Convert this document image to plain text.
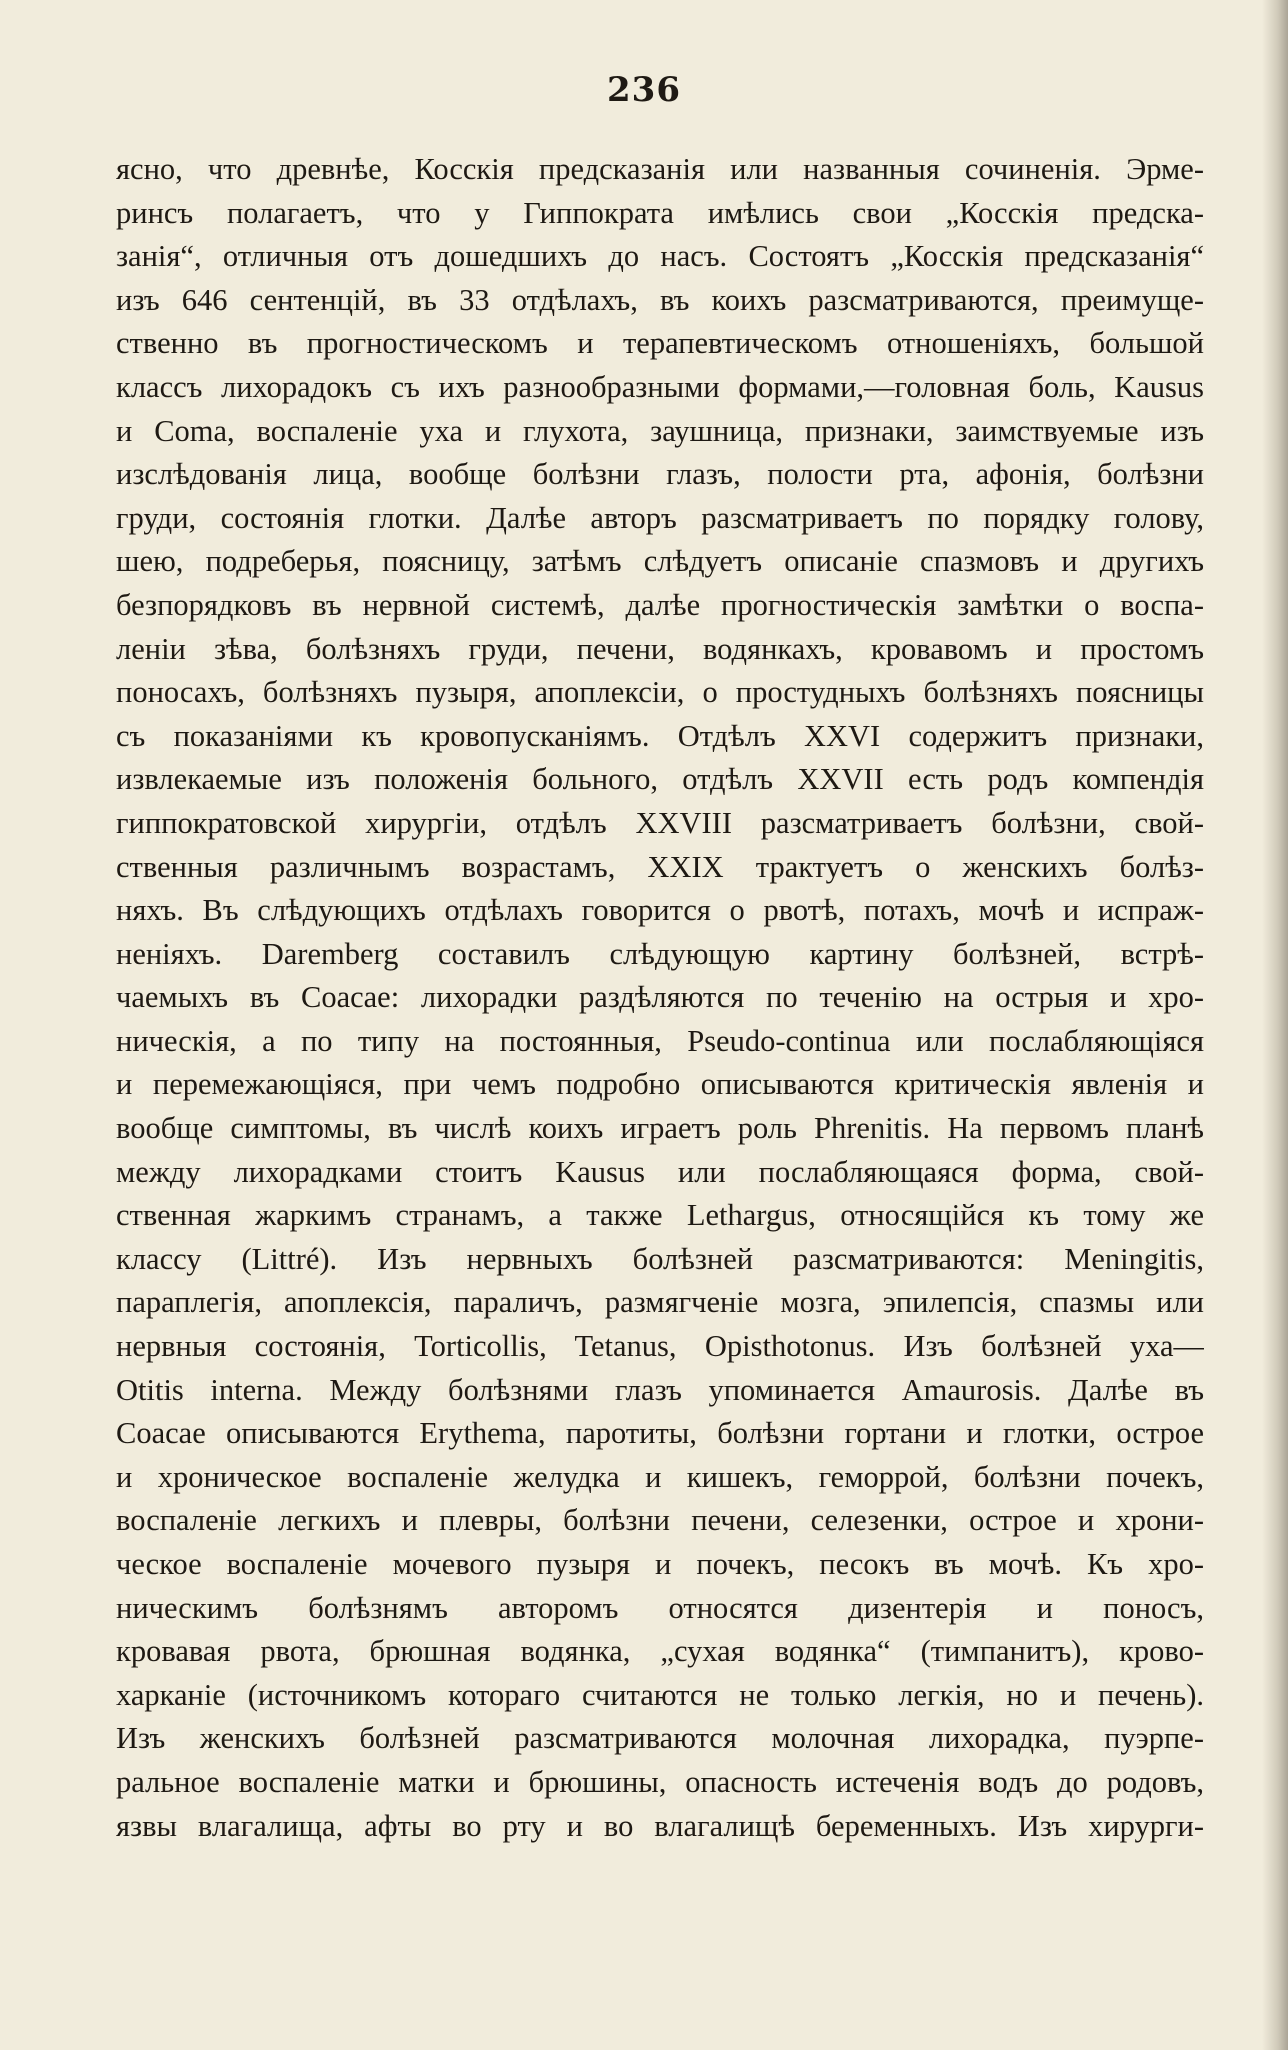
236
ясно, что древнѣе, Косскія предсказанія или названныя сочиненія. Эрме-
ринсъ полагаетъ, что у Гиппократа имѣлись свои „Косскія предска-
занія“, отличныя отъ дошедшихъ до насъ. Состоятъ „Косскія предсказанія“
изъ 646 сентенцій, въ 33 отдѣлахъ, въ коихъ разсматриваются, преимуще-
ственно въ прогностическомъ и терапевтическомъ отношеніяхъ, большой
классъ лихорадокъ съ ихъ разнообразными формами,—головная боль, Kausus
и Coma, воспаленіе уха и глухота, заушница, признаки, заимствуемые изъ
изслѣдованія лица, вообще болѣзни глазъ, полости рта, афонія, болѣзни
груди, состоянія глотки. Далѣе авторъ разсматриваетъ по порядку голову,
шею, подреберья, поясницу, затѣмъ слѣдуетъ описаніе спазмовъ и другихъ
безпорядковъ въ нервной системѣ, далѣе прогностическія замѣтки о воспа-
леніи зѣва, болѣзняхъ груди, печени, водянкахъ, кровавомъ и простомъ
поносахъ, болѣзняхъ пузыря, апоплексіи, о простудныхъ болѣзняхъ поясницы
съ показаніями къ кровопусканіямъ. Отдѣлъ XXVI содержитъ признаки,
извлекаемые изъ положенія больного, отдѣлъ XXVII есть родъ компендія
гиппократовской хирургіи, отдѣлъ XXVIII разсматриваетъ болѣзни, свой-
ственныя различнымъ возрастамъ, XXIX трактуетъ о женскихъ болѣз-
няхъ. Въ слѣдующихъ отдѣлахъ говорится о рвотѣ, потахъ, мочѣ и испраж-
неніяхъ. Daremberg составилъ слѣдующую картину болѣзней, встрѣ-
чаемыхъ въ Coacae: лихорадки раздѣляются по теченію на острыя и хро-
ническія, а по типу на постоянныя, Pseudo-continua или послабляющіяся
и перемежающіяся, при чемъ подробно описываются критическія явленія и
вообще симптомы, въ числѣ коихъ играетъ роль Phrenitis. На первомъ планѣ
между лихорадками стоитъ Kausus или послабляющаяся форма, свой-
ственная жаркимъ странамъ, а также Lethargus, относящійся къ тому же
классу (Littré). Изъ нервныхъ болѣзней разсматриваются: Meningitis,
параплегія, апоплексія, параличъ, размягченіе мозга, эпилепсія, спазмы или
нервныя состоянія, Torticollis, Tetanus, Opisthotonus. Изъ болѣзней уха—
Otitis interna. Между болѣзнями глазъ упоминается Amaurosis. Далѣе въ
Coacae описываются Erythema, паротиты, болѣзни гортани и глотки, острое
и хроническое воспаленіе желудка и кишекъ, геморрой, болѣзни почекъ,
воспаленіе легкихъ и плевры, болѣзни печени, селезенки, острое и хрони-
ческое воспаленіе мочевого пузыря и почекъ, песокъ въ мочѣ. Къ хро-
ническимъ болѣзнямъ авторомъ относятся дизентерія и поносъ,
кровавая рвота, брюшная водянка, „сухая водянка“ (тимпанитъ), крово-
харканіе (источникомъ котораго считаются не только легкія, но и печень).
Изъ женскихъ болѣзней разсматриваются молочная лихорадка, пуэрпе-
ральное воспаленіе матки и брюшины, опасность истеченія водъ до родовъ,
язвы влагалища, афты во рту и во влагалищѣ беременныхъ. Изъ хирурги-
